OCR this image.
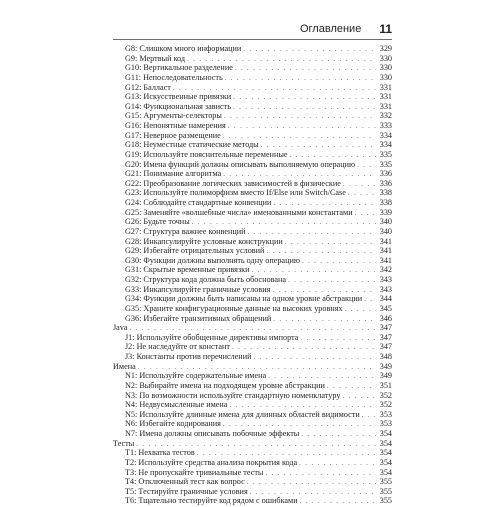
Оглавление 11
G8: Слишком много информации . . .	329
G9: Мертвый код . . .	330
G10: Вертикальное разделение . . .	330
G11: Непоследовательность . . .	330
G12: Балласт . . .	331
G13: Искусственные привязки . . .	331
G14: Функциональная зависть . . .	331
G15: Аргументы-селекторы . . .	332
G16: Непонятные намерения . . .	333
G17: Неверное размещение . . .	334
G18: Неуместные статические методы . . .	334
G19: Используйте пояснительные переменные . . .	335
G20: Имена функций должны описывать выполняемую операцию . . .	335
G21: Понимание алгоритма . . .	336
G22: Преобразование логических зависимостей в физические . . .	336
G23: Используйте полиморфизм вместо If/Else или Switch/Case . . .	338
G24: Соблюдайте стандартные конвенции . . .	338
G25: Заменяйте «волшебные числа» именованными константами . . .	339
G26: Будьте точны . . .	340
G27: Структура важнее конвенций . . .	340
G28: Инкапсулируйте условные конструкции . . .	341
G29: Избегайте отрицательных условий . . .	341
G30: Функции должны выполнять одну операцию . . .	341
G31: Скрытые временные привязки . . .	342
G32: Структура кода должна быть обоснована . . .	343
G33: Инкапсулируйте граничные условия . . .	343
G34: Функции должны быть написаны на одном уровне абстракции . . . 344
G35: Храните конфигурационные данные на высоких уровнях . . .	345
G36: Избегайте транзитивных обращений . . .	346
Java . . .	347
J1: Используйте обобщенные директивы импорта . . .	347
J2: Не наследуйте от констант . . .	347
J3: Константы против перечислений . . .	348
Имена . . .	349
N1: Используйте содержательные имена . . .	349
N2: Выбирайте имена на подходящем уровне абстракции . . .	351
N3: По возможности используйте стандартную номенклатуру . . .	352
N4: Недвусмысленные имена . . .	352
N5: Используйте длинные имена для длинных областей видимости . . . 353
N6: Избегайте кодирования . . .	353
N7: Имена должны описывать побочные эффекты . . .	354
Тесты . . .	354
T1: Нехватка тестов . . .	354
T2: Используйте средства анализа покрытия кода . . .	354
T3: Не пропускайте тривиальные тесты . . .	354
T4: Отключенный тест как вопрос . . .	355
T5: Тестируйте граничные условия . . .	355
T6: Тщательно тестируйте код рядом с ошибками . . .	355
